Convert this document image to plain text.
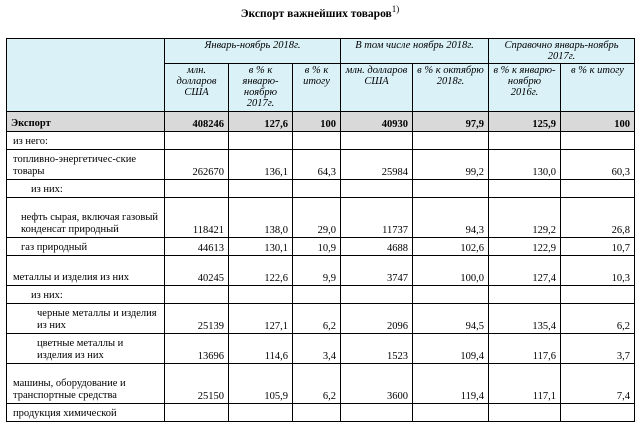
Экспорт важнейших товаров$^{1)}$
	Январь-ноябрь 2018г.			В том числе ноябрь 2018г.		Справочно январь-ноябрь 2017г.	
	млн. долларов США	в % к январю-ноябрю 2017г.	в % к итогу	млн. долларов США	в % к октябрю 2018г.	в % к январю-ноябрю 2016г.	в % к итогу
Экспорт	408246	127,6	100	40930	97,9	125,9	100
из него:							
топливно-энергетичес-ские товары	262670	136,1	64,3	25984	99,2	130,0	60,3
из них:							
нефть сырая, включая газовый конденсат природный	118421	138,0	29,0	11737	94,3	129,2	26,8
газ природный	44613	130,1	10,9	4688	102,6	122,9	10,7
металлы и изделия из них	40245	122,6	9,9	3747	100,0	127,4	10,3
из них:							
черные металлы и изделия из них	25139	127,1	6,2	2096	94,5	135,4	6,2
цветные металлы и изделия из них	13696	114,6	3,4	1523	109,4	117,6	3,7
машины, оборудование и транспортные средства	25150	105,9	6,2	3600	119,4	117,1	7,4
продукция химической							
